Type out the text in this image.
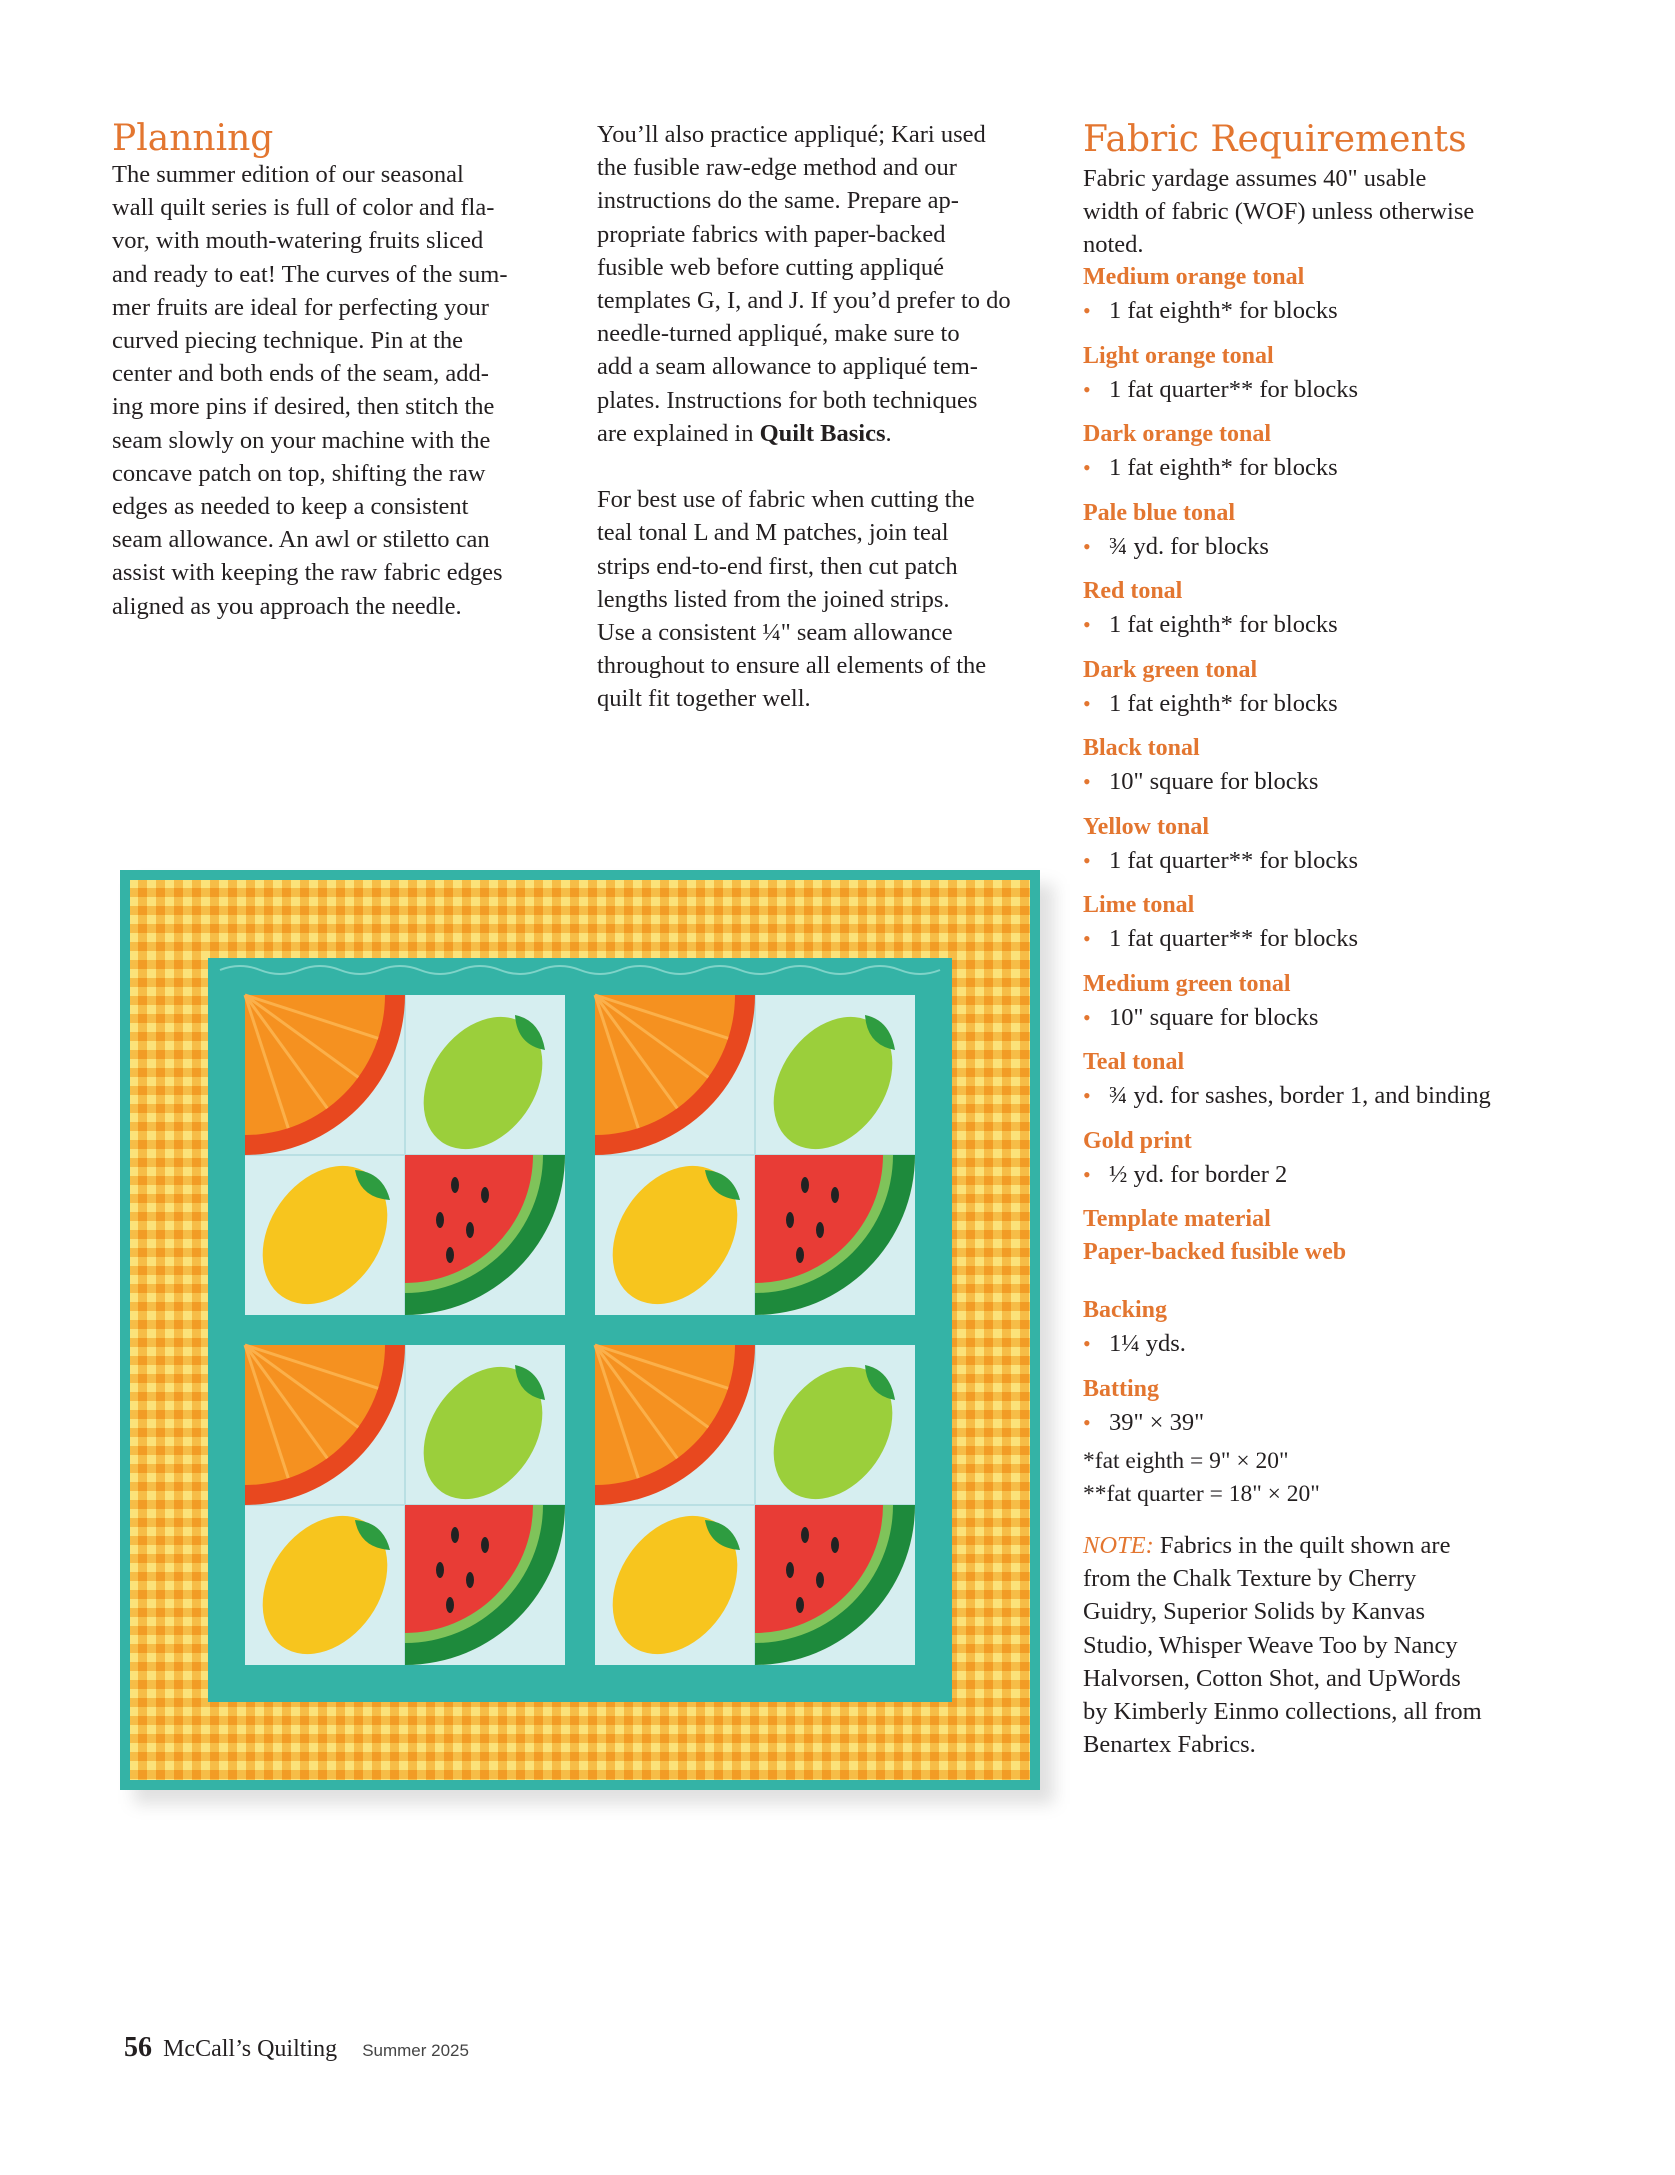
Planning
The summer edition of our seasonal
wall quilt series is full of color and fla-
vor, with mouth-watering fruits sliced
and ready to eat! The curves of the sum-
mer fruits are ideal for perfecting your
curved piecing technique. Pin at the
center and both ends of the seam, add-
ing more pins if desired, then stitch the
seam slowly on your machine with the
concave patch on top, shifting the raw
edges as needed to keep a consistent
seam allowance. An awl or stiletto can
assist with keeping the raw fabric edges
aligned as you approach the needle.
You’ll also practice appliqué; Kari used
the fusible raw-edge method and our
instructions do the same. Prepare ap-
propriate fabrics with paper-backed
fusible web before cutting appliqué
templates G, I, and J. If you’d prefer to do
needle-turned appliqué, make sure to
add a seam allowance to appliqué tem-
plates. Instructions for both techniques
are explained in Quilt Basics.
For best use of fabric when cutting the
teal tonal L and M patches, join teal
strips end-to-end first, then cut patch
lengths listed from the joined strips.
Use a consistent ¼" seam allowance
throughout to ensure all elements of the
quilt fit together well.
Fabric Requirements
Fabric yardage assumes 40" usable
width of fabric (WOF) unless otherwise
noted.
Medium orange tonal
• 1 fat eighth* for blocks
Light orange tonal
• 1 fat quarter** for blocks
Dark orange tonal
• 1 fat eighth* for blocks
Pale blue tonal
• ¾ yd. for blocks
Red tonal
• 1 fat eighth* for blocks
Dark green tonal
• 1 fat eighth* for blocks
Black tonal
• 10" square for blocks
Yellow tonal
• 1 fat quarter** for blocks
Lime tonal
• 1 fat quarter** for blocks
Medium green tonal
• 10" square for blocks
Teal tonal
• ¾ yd. for sashes, border 1, and binding
Gold print
• ½ yd. for border 2
Template material
Paper-backed fusible web
Backing
• 1¼ yds.
Batting
• 39" × 39"
*fat eighth = 9" × 20"
**fat quarter = 18" × 20"
NOTE: Fabrics in the quilt shown are
from the Chalk Texture by Cherry
Guidry, Superior Solids by Kanvas
Studio, Whisper Weave Too by Nancy
Halvorsen, Cotton Shot, and UpWords
by Kimberly Einmo collections, all from
Benartex Fabrics.
56 McCall’s Quilting Summer 2025
